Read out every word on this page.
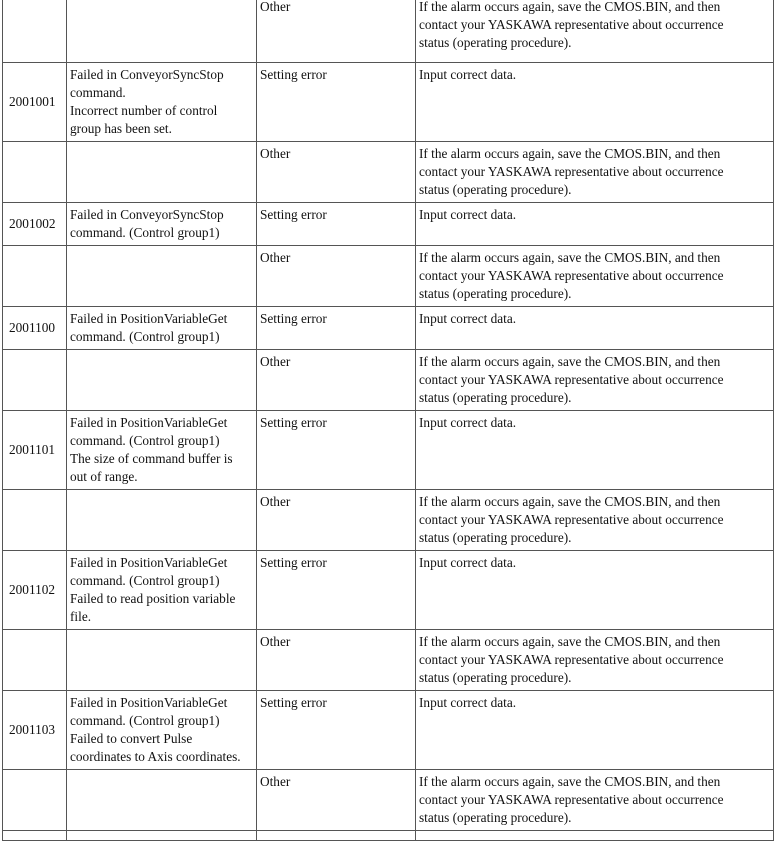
		Other	If the alarm occurs again, save the CMOS.BIN, and then
contact your YASKAWA representative about occurrence
status (operating procedure).

2001001	Failed in ConveyorSyncStop
command.
Incorrect number of control
group has been set.	Setting error	Input correct data.

		Other	If the alarm occurs again, save the CMOS.BIN, and then
contact your YASKAWA representative about occurrence
status (operating procedure).

2001002	Failed in ConveyorSyncStop
command. (Control group1)	Setting error	Input correct data.

		Other	If the alarm occurs again, save the CMOS.BIN, and then
contact your YASKAWA representative about occurrence
status (operating procedure).

2001100	Failed in PositionVariableGet
command. (Control group1)	Setting error	Input correct data.

		Other	If the alarm occurs again, save the CMOS.BIN, and then
contact your YASKAWA representative about occurrence
status (operating procedure).

2001101	Failed in PositionVariableGet
command. (Control group1)
The size of command buffer is
out of range.	Setting error	Input correct data.

		Other	If the alarm occurs again, save the CMOS.BIN, and then
contact your YASKAWA representative about occurrence
status (operating procedure).

2001102	Failed in PositionVariableGet
command. (Control group1)
Failed to read position variable
file.	Setting error	Input correct data.

		Other	If the alarm occurs again, save the CMOS.BIN, and then
contact your YASKAWA representative about occurrence
status (operating procedure).

2001103	Failed in PositionVariableGet
command. (Control group1)
Failed to convert Pulse
coordinates to Axis coordinates.	Setting error	Input correct data.

		Other	If the alarm occurs again, save the CMOS.BIN, and then
contact your YASKAWA representative about occurrence
status (operating procedure).
